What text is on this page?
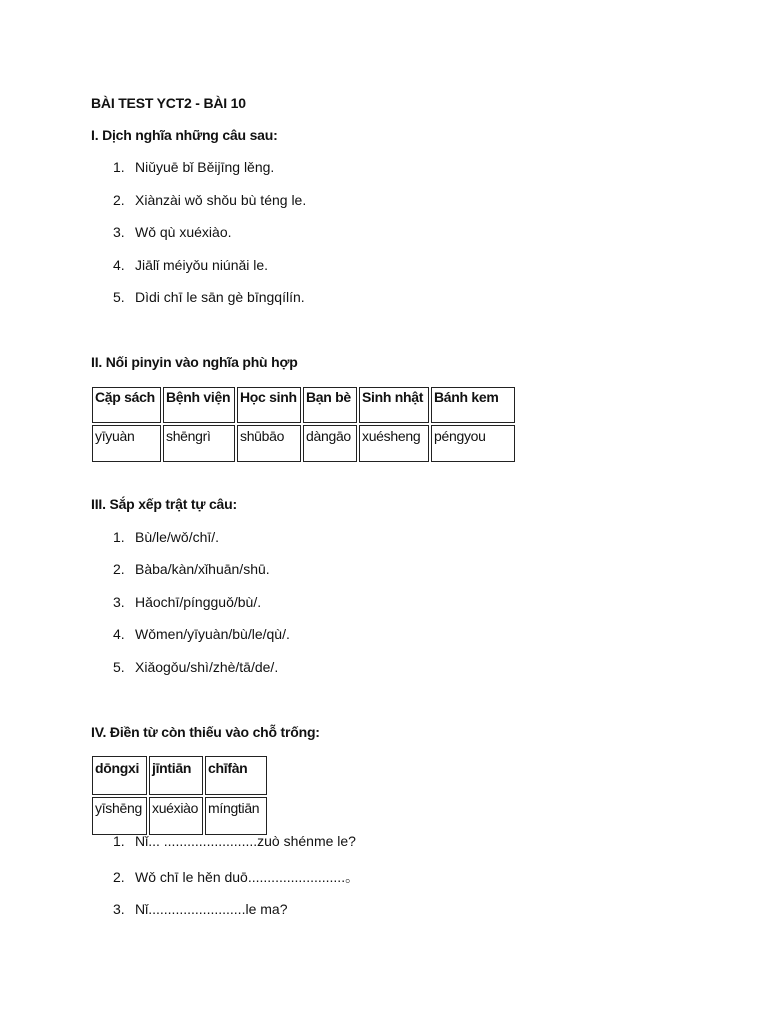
BÀI TEST YCT2 - BÀI 10
I. Dịch nghĩa những câu sau:
1. Niǔyuē bǐ Běijīng lěng.
2. Xiànzài wǒ shǒu bù téng le.
3. Wǒ qù xuéxiào.
4. Jiālǐ méiyǒu niúnǎi le.
5. Dìdi chī le sān gè bīngqílín.
II. Nối pinyin vào nghĩa phù hợp
Cặp sách	Bệnh viện	Học sinh	Bạn bè	Sinh nhật	Bánh kem
yīyuàn	shēngrì	shūbāo	dàngāo	xuésheng	péngyou
III. Sắp xếp trật tự câu:
1. Bù/le/wǒ/chī/.
2. Bàba/kàn/xǐhuān/shū.
3. Hǎochī/píngguǒ/bù/.
4. Wǒmen/yīyuàn/bù/le/qù/.
5. Xiǎogǒu/shì/zhè/tā/de/.
IV. Điền từ còn thiếu vào chỗ trống:
dōngxi	jīntiān	chīfàn
yīshēng	xuéxiào	míngtiān
1. Nǐ... ........................zuò shénme le?
2. Wǒ chī le hěn duō.........................。
3. Nǐ.........................le ma?
